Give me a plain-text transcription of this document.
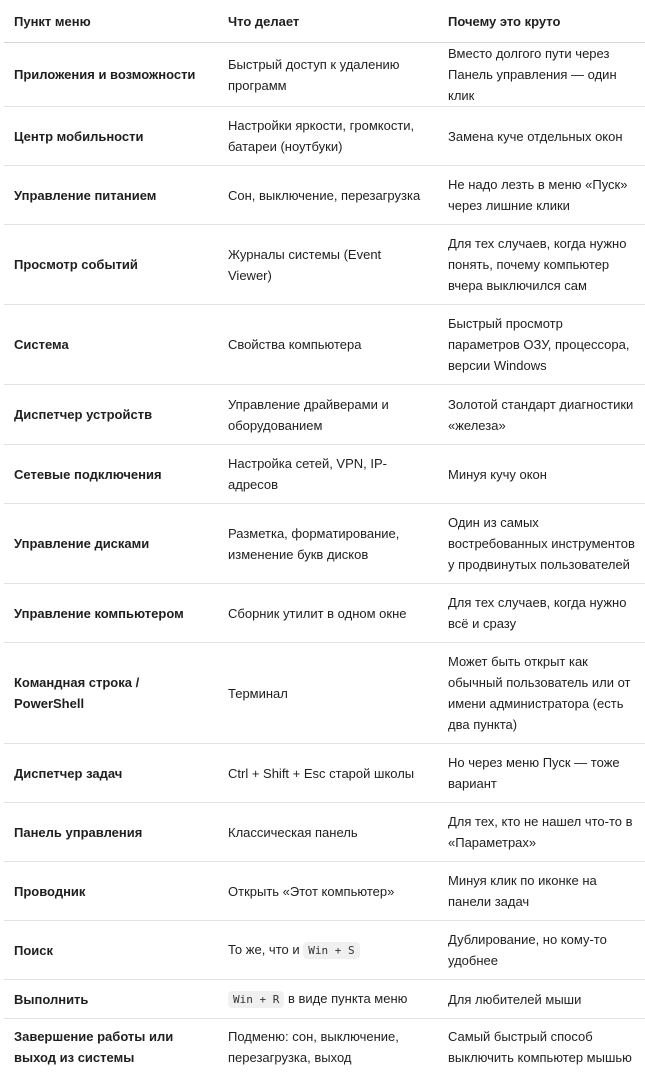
Пункт меню	Что делает	Почему это круто
Приложения и возможности	Быстрый доступ к удалению программ	Вместо долгого пути через Панель управления — один клик
Центр мобильности	Настройки яркости, громкости, батареи (ноутбуки)	Замена куче отдельных окон
Управление питанием	Сон, выключение, перезагрузка	Не надо лезть в меню «Пуск» через лишние клики
Просмотр событий	Журналы системы (Event Viewer)	Для тех случаев, когда нужно понять, почему компьютер вчера выключился сам
Система	Свойства компьютера	Быстрый просмотр параметров ОЗУ, процессора, версии Windows
Диспетчер устройств	Управление драйверами и оборудованием	Золотой стандарт диагностики «железа»
Сетевые подключения	Настройка сетей, VPN, IP-адресов	Минуя кучу окон
Управление дисками	Разметка, форматирование, изменение букв дисков	Один из самых востребованных инструментов у продвинутых пользователей
Управление компьютером	Сборник утилит в одном окне	Для тех случаев, когда нужно всё и сразу
Командная строка / PowerShell	Терминал	Может быть открыт как обычный пользователь или от имени администратора (есть два пункта)
Диспетчер задач	Ctrl + Shift + Esc старой школы	Но через меню Пуск — тоже вариант
Панель управления	Классическая панель	Для тех, кто не нашел что-то в «Параметрах»
Проводник	Открыть «Этот компьютер»	Минуя клик по иконке на панели задач
Поиск	То же, что и Win + S	Дублирование, но кому-то удобнее
Выполнить	Win + R в виде пункта меню	Для любителей мыши
Завершение работы или выход из системы	Подменю: сон, выключение, перезагрузка, выход	Самый быстрый способ выключить компьютер мышью
